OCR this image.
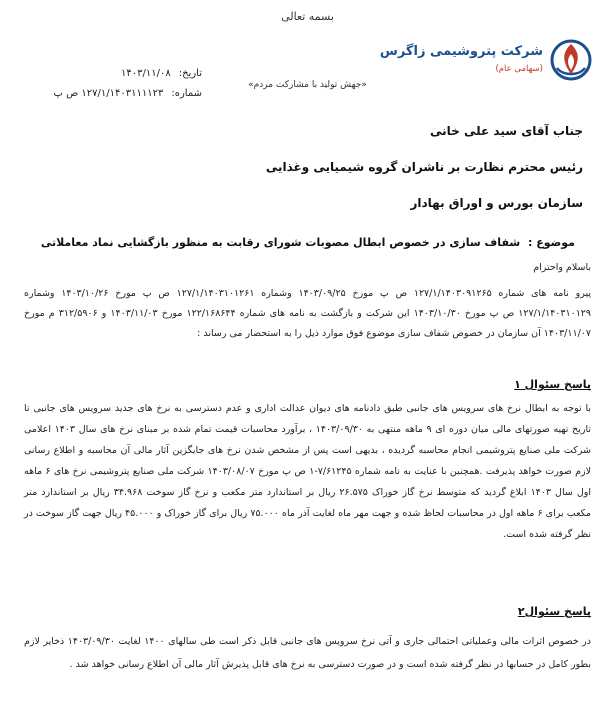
بسمه تعالی
شرکت پتروشیمی زاگرس
(سهامی عام)
«جهش تولید با مشارکت مردم»
تاریخ:
۱۴۰۳/۱۱/۰۸
شماره:
۱۲۷/۱/۱۴۰۳۱۱۱۱۲۳ ص پ
جناب آقای سید علی خانی
رئیس محترم نظارت بر ناشران گروه شیمیایی وغذایی
سازمان بورس و اوراق بهادار
موضوع : شفاف سازی در خصوص ابطال مصوبات شورای رقابت به منظور بازگشایی نماد معاملاتی
باسلام واحترام
پیرو نامه های شماره ۱۲۷/۱/۱۴۰۳۰۹۱۲۶۵ ص پ مورخ ۱۴۰۳/۰۹/۲۵ وشماره ۱۲۷/۱/۱۴۰۳۱۰۱۲۶۱ ص پ مورخ ۱۴۰۳/۱۰/۲۶ وشماره ۱۲۷/۱/۱۴۰۳۱۰۱۲۹ ص پ مورخ ۱۴۰۳/۱۰/۳۰ این شرکت و بازگشت به نامه های شماره ۱۲۲/۱۶۸۶۴۴ مورخ ۱۴۰۳/۱۱/۰۳ و ۳۱۲/۵۹۰۶ م مورخ ۱۴۰۳/۱۱/۰۷ آن سازمان در خصوص شفاف سازی موضوع فوق موارد ذیل را به استحضار می رساند :
پاسخ سئوال ۱
با توجه به ابطال نرخ های سرویس های جانبی طبق دادنامه های دیوان عدالت اداری و عدم دسترسی به نرخ های جدید سرویس های جانبی تا تاریخ تهیه صورتهای مالی میان دوره ای ۹ ماهه منتهی به ۱۴۰۳/۰۹/۳۰ ، برآورد محاسبات قیمت تمام شده بر مبنای نرخ های سال ۱۴۰۳ اعلامی شرکت ملی صنایع پتروشیمی انجام محاسبه گردیده ، بدیهی است پس از مشخص شدن نرخ های جایگزین آثار مالی آن محاسبه و اطلاع رسانی لازم صورت خواهد پذیرفت .همچنین با عنایت به نامه شماره ۷/۶۱۲۴۵-۱ ص پ مورخ ۱۴۰۳/۰۸/۰۷ شرکت ملی صنایع پتروشیمی نرخ های ۶ ماهه اول سال ۱۴۰۳ ابلاغ گردید که متوسط نرخ گاز خوراک ۲۶.۵۷۵ ریال بر استاندارد متر مکعب و نرخ گاز سوخت ۳۴.۹۶۸ ریال بر استاندارد متر مکعب برای ۶ ماهه اول در محاسبات لحاظ شده و جهت مهر ماه لغایت آذر ماه ۷۵.۰۰۰ ریال برای گاز خوراک و ۴۵.۰۰۰ ریال جهت گاز سوخت در نظر گرفته شده است.
پاسخ سئوال۲
در خصوص اثرات مالی وعملیاتی احتمالی جاری و آتی نرخ سرویس های جانبی قابل ذکر است طی سالهای ۱۴۰۰ لغایت ۱۴۰۳/۰۹/۳۰ ذخایر لازم بطور کامل در حسابها در نظر گرفته شده است و در صورت دسترسی به نرخ های قابل پذیرش آثار مالی آن اطلاع رسانی خواهد شد .
